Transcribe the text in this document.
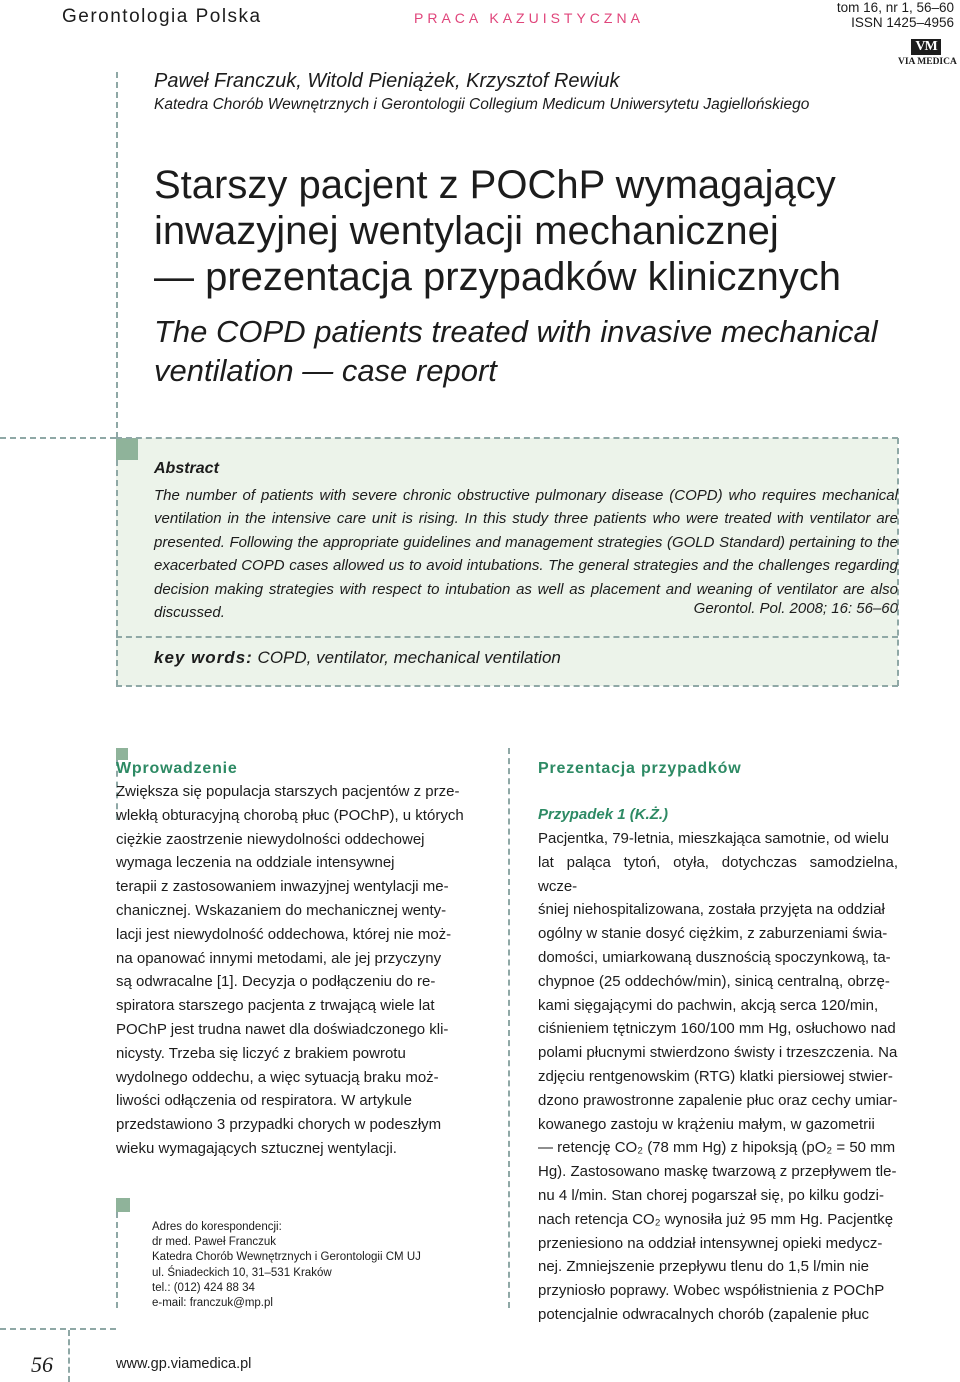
Gerontologia Polska	PRACA KAZUISTYCZNA
tom 16, nr 1, 56–60
ISSN 1425–4956
VM
VIA MEDICA
Paweł Franczuk, Witold Pieniążek, Krzysztof Rewiuk
Katedra Chorób Wewnętrznych i Gerontologii Collegium Medicum Uniwersytetu Jagiellońskiego
Starszy pacjent z POChP wymagający
inwazyjnej wentylacji mechanicznej
— prezentacja przypadków klinicznych
The COPD patients treated with invasive mechanical
ventilation — case report
Abstract
The number of patients with severe chronic obstructive pulmonary disease (COPD) who requires mechanical ventilation in the intensive care unit is rising. In this study three patients who were treated with ventilator are presented. Following the appropriate guidelines and management strategies (GOLD Standard) pertaining to the exacerbated COPD cases allowed us to avoid intubations. The general strategies and the challenges regarding decision making strategies with respect to intubation as well as placement and weaning of ventilator are also discussed.	Gerontol. Pol. 2008; 16: 56–60
key words: COPD, ventilator, mechanical ventilation
Wprowadzenie
Zwiększa się populacja starszych pacjentów z prze-
wlekłą obturacyjną chorobą płuc (POChP), u których
ciężkie zaostrzenie niewydolności oddechowej
wymaga leczenia na oddziale intensywnej
terapii z zastosowaniem inwazyjnej wentylacji me-
chanicznej. Wskazaniem do mechanicznej wenty-
lacji jest niewydolność oddechowa, której nie moż-
na opanować innymi metodami, ale jej przyczyny
są odwracalne [1]. Decyzja o podłączeniu do re-
spiratora starszego pacjenta z trwającą wiele lat
POChP jest trudna nawet dla doświadczonego kli-
nicysty. Trzeba się liczyć z brakiem powrotu
wydolnego oddechu, a więc sytuacją braku moż-
liwości odłączenia od respiratora. W artykule
przedstawiono 3 przypadki chorych w podeszłym
wieku wymagających sztucznej wentylacji.
Adres do korespondencji:
dr med. Paweł Franczuk
Katedra Chorób Wewnętrznych i Gerontologii CM UJ
ul. Śniadeckich 10, 31–531 Kraków
tel.: (012) 424 88 34
e-mail: franczuk@mp.pl
Prezentacja przypadków
Przypadek 1 (K.Ż.)
Pacjentka, 79-letnia, mieszkająca samotnie, od wielu
lat paląca tytoń, otyła, dotychczas samodzielna, wcze-
śniej niehospitalizowana, została przyjęta na oddział
ogólny w stanie dosyć ciężkim, z zaburzeniami świa-
domości, umiarkowaną dusznością spoczynkową, ta-
chypnoe (25 oddechów/min), sinicą centralną, obrzę-
kami sięgającymi do pachwin, akcją serca 120/min,
ciśnieniem tętniczym 160/100 mm Hg, osłuchowo nad
polami płucnymi stwierdzono świsty i trzeszczenia. Na
zdjęciu rentgenowskim (RTG) klatki piersiowej stwier-
dzono prawostronne zapalenie płuc oraz cechy umiar-
kowanego zastoju w krążeniu małym, w gazometrii
— retencję CO₂ (78 mm Hg) z hipoksją (pO₂ = 50 mm
Hg). Zastosowano maskę twarzową z przepływem tle-
nu 4 l/min. Stan chorej pogarszał się, po kilku godzi-
nach retencja CO₂ wynosiła już 95 mm Hg. Pacjentkę
przeniesiono na oddział intensywnej opieki medycz-
nej. Zmniejszenie przepływu tlenu do 1,5 l/min nie
przyniosło poprawy. Wobec współistnienia z POChP
potencjalnie odwracalnych chorób (zapalenie płuc
56	www.gp.viamedica.pl
